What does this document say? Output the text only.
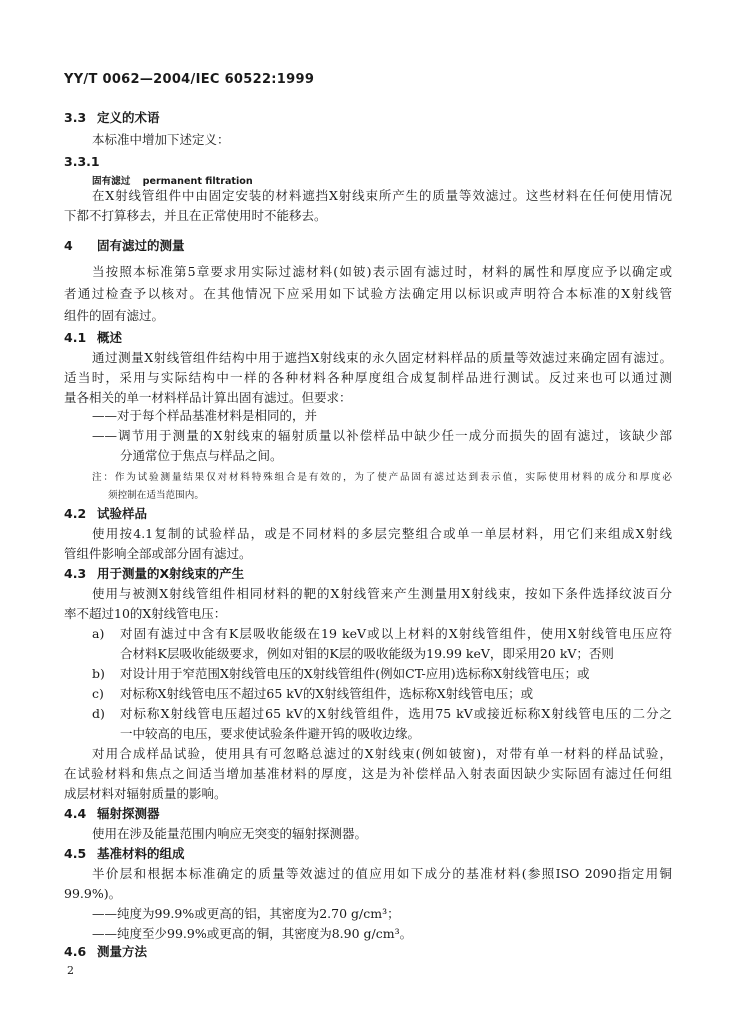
YY/T 0062—2004/IEC 60522:1999
3.3 定义的术语
本标准中增加下述定义：
3.3.1
固有滤过 permanent filtration
在X射线管组件中由固定安装的材料遮挡X射线束所产生的质量等效滤过。这些材料在任何使用情况
下都不打算移去，并且在正常使用时不能移去。
4 固有滤过的测量
当按照本标准第5章要求用实际过滤材料(如铍)表示固有滤过时，材料的属性和厚度应予以确定或
者通过检查予以核对。在其他情况下应采用如下试验方法确定用以标识或声明符合本标准的X射线管
组件的固有滤过。
4.1 概述
通过测量X射线管组件结构中用于遮挡X射线束的永久固定材料样品的质量等效滤过来确定固有滤过。
适当时，采用与实际结构中一样的各种材料各种厚度组合成复制样品进行测试。反过来也可以通过测
量各相关的单一材料样品计算出固有滤过。但要求：
——对于每个样品基准材料是相同的，并
——调节用于测量的X射线束的辐射质量以补偿样品中缺少任一成分而损失的固有滤过，该缺少部
分通常位于焦点与样品之间。
注：作为试验测量结果仅对材料特殊组合是有效的，为了使产品固有滤过达到表示值，实际使用材料的成分和厚度必
须控制在适当范围内。
4.2 试验样品
使用按4.1复制的试验样品，或是不同材料的多层完整组合或单一单层材料，用它们来组成X射线
管组件影响全部或部分固有滤过。
4.3 用于测量的X射线束的产生
使用与被测X射线管组件相同材料的靶的X射线管来产生测量用X射线束，按如下条件选择纹波百分
率不超过10的X射线管电压：
a) 对固有滤过中含有K层吸收能级在19 keV或以上材料的X射线管组件，使用X射线管电压应符
合材料K层吸收能级要求，例如对钼的K层的吸收能级为19.99 keV，即采用20 kV；否则
b) 对设计用于窄范围X射线管电压的X射线管组件(例如CT-应用)选标称X射线管电压；或
c) 对标称X射线管电压不超过65 kV的X射线管组件，选标称X射线管电压；或
d) 对标称X射线管电压超过65 kV的X射线管组件，选用75 kV或接近标称X射线管电压的二分之
一中较高的电压，要求使试验条件避开钨的吸收边缘。
对用合成样品试验，使用具有可忽略总滤过的X射线束(例如铍窗)，对带有单一材料的样品试验，
在试验材料和焦点之间适当增加基准材料的厚度，这是为补偿样品入射表面因缺少实际固有滤过任何组
成层材料对辐射质量的影响。
4.4 辐射探测器
使用在涉及能量范围内响应无突变的辐射探测器。
4.5 基准材料的组成
半价层和根据本标准确定的质量等效滤过的值应用如下成分的基准材料(参照ISO 2090指定用铜
99.9%)。
——纯度为99.9%或更高的铝，其密度为2.70 g/cm³；
——纯度至少99.9%或更高的铜，其密度为8.90 g/cm³。
4.6 测量方法
2
